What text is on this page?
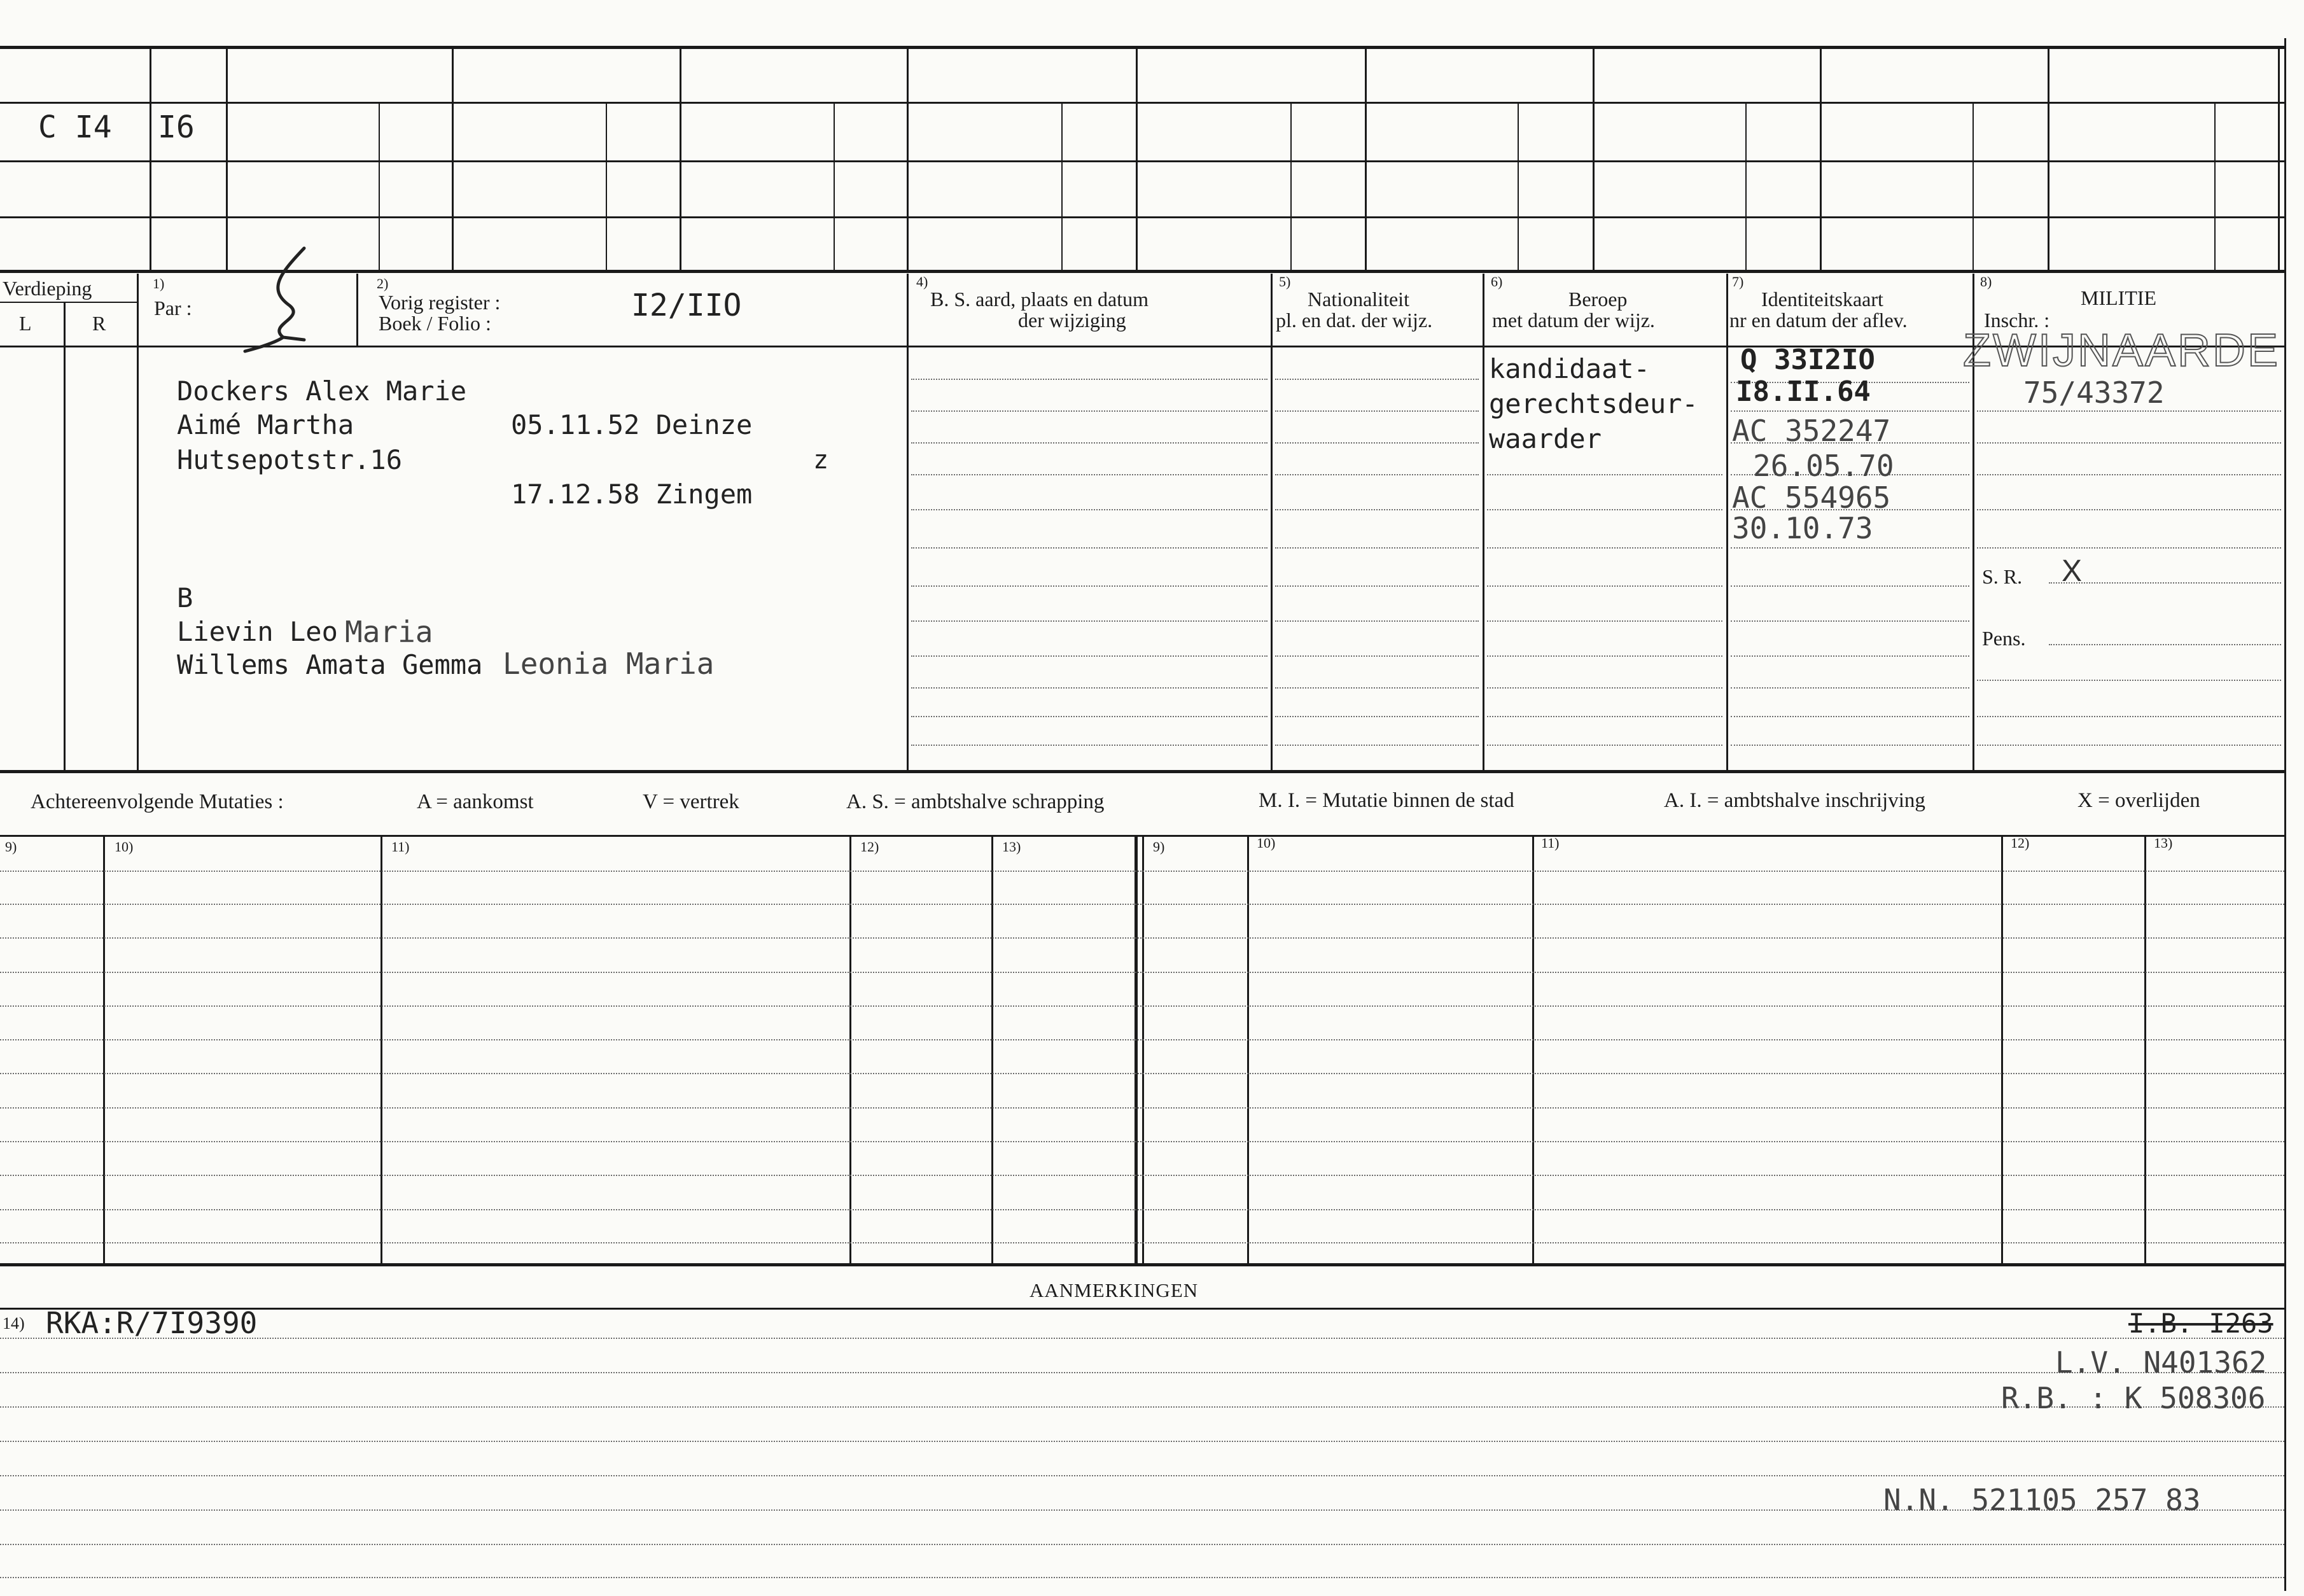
C I4 I6
Verdieping
L	R
1)
Par :
2)
Vorig register :
Boek / Folio :	I2/IIO
4)
B. S. aard, plaats en datum
der wijziging
5)
Nationaliteit
pl. en dat. der wijz.
6)
Beroep
met datum der wijz.
7)
Identiteitskaart
nr en datum der aflev.
8)
MILITIE
Inschr. :
Dockers Alex Marie
Aimé Martha	05.11.52 Deinze
Hutsepotstr.16	z
17.12.58 Zingem
B
Lievin Leo Maria
Willems Amata Gemma Leonia Maria
kandidaat-
gerechtsdeur-
waarder
Q 33I2IO
I8.II.64
AC 352247
26.05.70
AC 554965
30.10.73
ZWIJNAARDE
75/43372
S. R. X
Pens.
Achtereenvolgende Mutaties :	A = aankomst	V = vertrek	A. S. = ambtshalve schrapping	M. I. = Mutatie binnen de stad	A. I. = ambtshalve inschrijving	X = overlijden
9)	10)	11)	12)	13)	9)	10)	11)	12)	13)
AANMERKINGEN
14) RKA:R/7I9390	I.B. I263
L.V. N401362
R.B. : K 508306
N.N. 521105 257 83
